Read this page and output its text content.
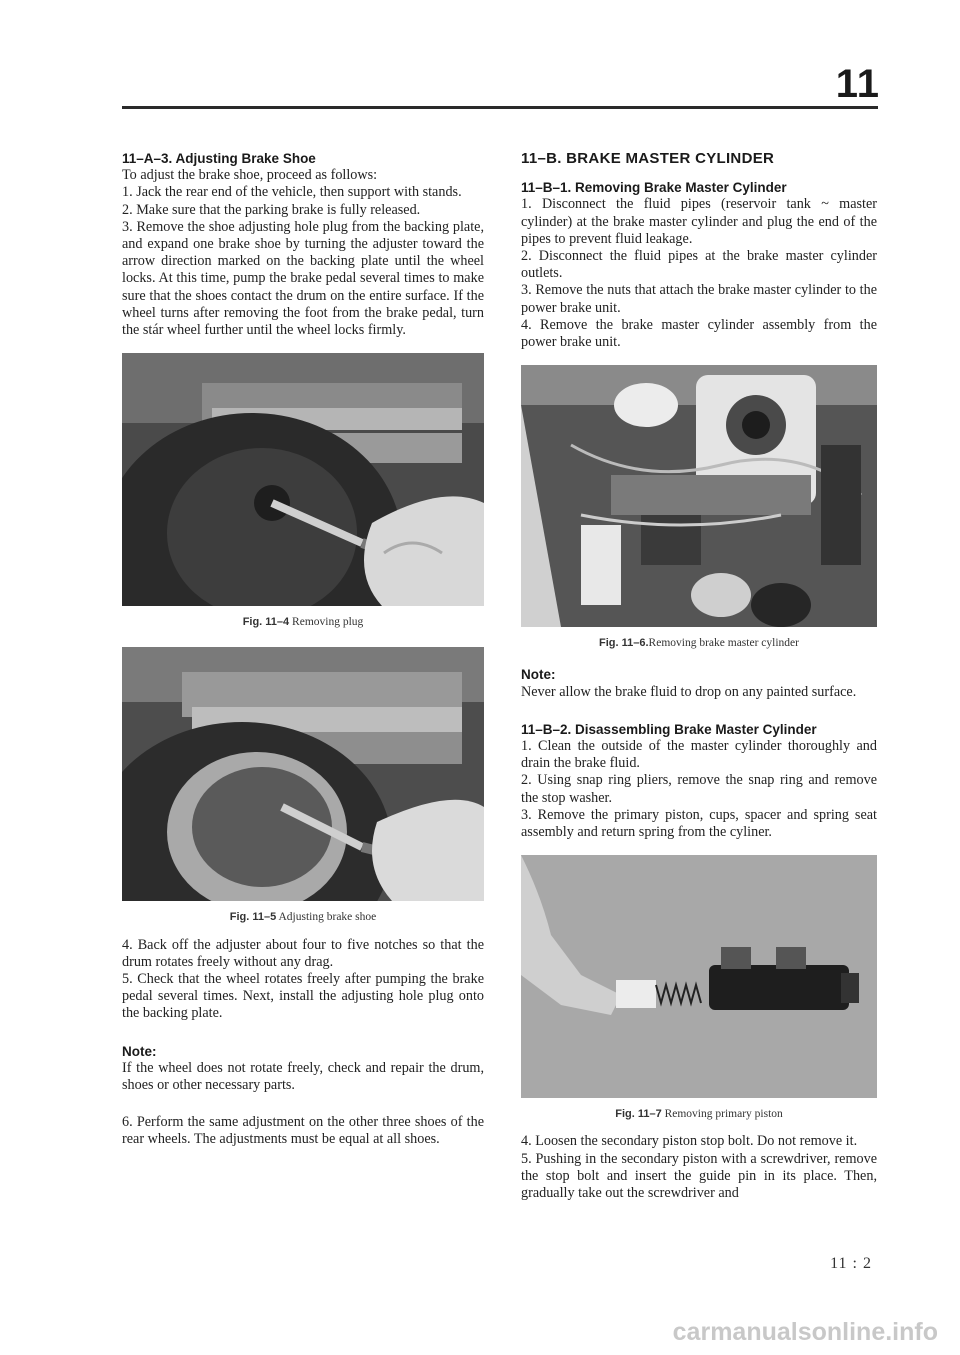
11

11–A–3. Adjusting Brake Shoe

To adjust the brake shoe, proceed as follows:

1. Jack the rear end of the vehicle, then support with stands.

2. Make sure that the parking brake is fully released.

3. Remove the shoe adjusting hole plug from the backing plate, and expand one brake shoe by turning the adjuster toward the arrow direction marked on the backing plate until the wheel locks. At this time, pump the brake pedal several times to make sure that the shoes contact the drum on the entire surface. If the wheel turns after removing the foot from the brake pedal, turn the stár wheel further until the wheel locks firmly.

Fig. 11–4 Removing plug
Fig. 11–5 Adjusting brake shoe

4. Back off the adjuster about four to five notches so that the drum rotates freely without any drag.

5. Check that the wheel rotates freely after pumping the brake pedal several times. Next, install the adjusting hole plug onto the backing plate.

Note:

If the wheel does not rotate freely, check and repair the drum, shoes or other necessary parts.

6. Perform the same adjustment on the other three shoes of the rear wheels. The adjustments must be equal at all shoes.

11–B. BRAKE MASTER CYLINDER

11–B–1. Removing Brake Master Cylinder

1. Disconnect the fluid pipes (reservoir tank ~ master cylinder) at the brake master cylinder and plug the end of the pipes to prevent fluid leakage.

2. Disconnect the fluid pipes at the brake master cylinder outlets.

3. Remove the nuts that attach the brake master cylinder to the power brake unit.

4. Remove the brake master cylinder assembly from the power brake unit.

Fig. 11–6.Removing brake master cylinder

Note:

Never allow the brake fluid to drop on any painted surface.

11–B–2. Disassembling Brake Master Cylinder

1. Clean the outside of the master cylinder thoroughly and drain the brake fluid.

2. Using snap ring pliers, remove the snap ring and remove the stop washer.

3. Remove the primary piston, cups, spacer and spring seat assembly and return spring from the cyliner.

Fig. 11–7 Removing primary piston

4. Loosen the secondary piston stop bolt. Do not remove it.

5. Pushing in the secondary piston with a screwdriver, remove the stop bolt and insert the guide pin in its place. Then, gradually take out the screwdriver and

11 : 2
carmanualsonline.info
